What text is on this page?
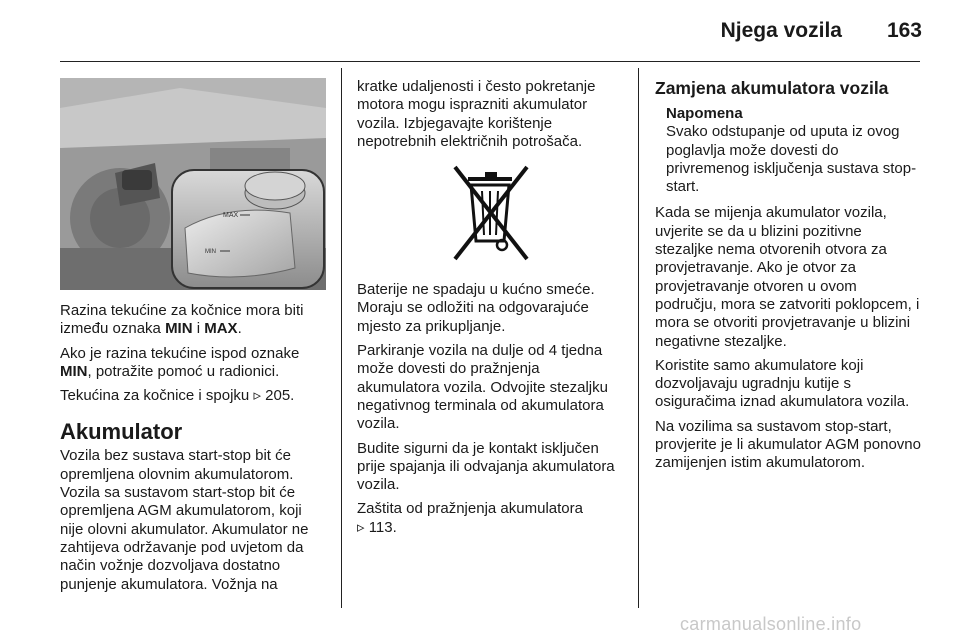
Njega vozila 163
MAX
MIN

Razina tekućine za kočnice mora biti između oznaka MIN i MAX.

Ako je razina tekućine ispod oznake MIN, potražite pomoć u radionici.

Tekućina za kočnice i spojku ▹ 205.

Akumulator

Vozila bez sustava start-stop bit će opremljena olovnim akumulatorom. Vozila sa sustavom start-stop bit će opremljena AGM akumulatorom, koji nije olovni akumulator. Akumulator ne zahtijeva održavanje pod uvjetom da način vožnje dozvoljava dostatno punjenje akumulatora. Vožnja na

kratke udaljenosti i često pokretanje motora mogu isprazniti akumulator vozila. Izbjegavajte korištenje nepotrebnih električnih potrošača.

Baterije ne spadaju u kućno smeće. Moraju se odložiti na odgovarajuće mjesto za prikupljanje.

Parkiranje vozila na dulje od 4 tjedna može dovesti do pražnjenja akumulatora vozila. Odvojite stezaljku negativnog terminala od akumulatora vozila.

Budite sigurni da je kontakt isključen prije spajanja ili odvajanja akumulatora vozila.

Zaštita od pražnjenja akumulatora
▹ 113.

Zamjena akumulatora vozila
Napomena

Svako odstupanje od uputa iz ovog poglavlja može dovesti do privremenog isključenja sustava stop-start.

Kada se mijenja akumulator vozila, uvjerite se da u blizini pozitivne stezaljke nema otvorenih otvora za provjetravanje. Ako je otvor za provjetravanje otvoren u ovom području, mora se zatvoriti poklopcem, i mora se otvoriti provjetravanje u blizini negativne stezaljke.

Koristite samo akumulatore koji dozvoljavaju ugradnju kutije s osiguračima iznad akumulatora vozila.

Na vozilima sa sustavom stop-start, provjerite je li akumulator AGM ponovno zamijenjen istim akumulatorom.

carmanualsonline.info
